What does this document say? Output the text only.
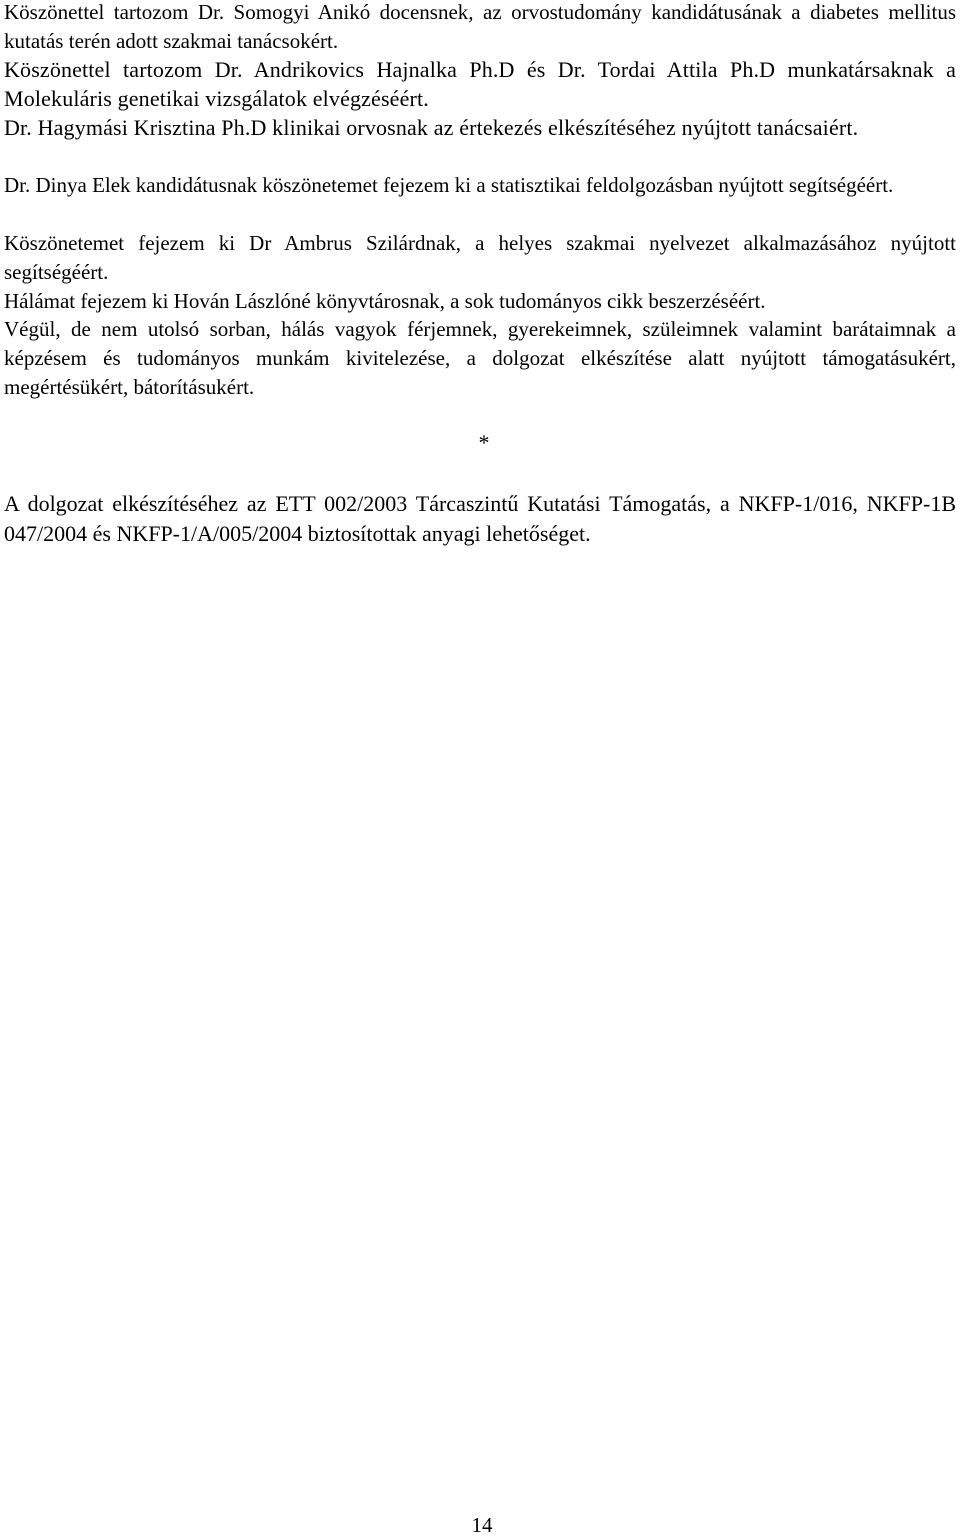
Köszönettel tartozom Dr. Somogyi Anikó docensnek, az orvostudomány kandidátusának a diabetes mellitus kutatás terén adott szakmai tanácsokért.

Köszönettel tartozom Dr. Andrikovics Hajnalka Ph.D és Dr. Tordai Attila Ph.D munkatársaknak a Molekuláris genetikai vizsgálatok elvégzéséért.

Dr. Hagymási Krisztina Ph.D klinikai orvosnak az értekezés elkészítéséhez nyújtott tanácsaiért.

Dr. Dinya Elek kandidátusnak köszönetemet fejezem ki a statisztikai feldolgozásban nyújtott segítségéért.

Köszönetemet fejezem ki Dr Ambrus Szilárdnak, a helyes szakmai nyelvezet alkalmazásához nyújtott segítségéért.

Hálámat fejezem ki Hován Lászlóné könyvtárosnak, a sok tudományos cikk beszerzéséért.

Végül, de nem utolsó sorban, hálás vagyok férjemnek, gyerekeimnek, szüleimnek valamint barátaimnak a képzésem és tudományos munkám kivitelezése, a dolgozat elkészítése alatt nyújtott támogatásukért, megértésükért, bátorításukért.

*

A dolgozat elkészítéséhez az ETT 002/2003 Tárcaszintű Kutatási Támogatás, a NKFP-1/016, NKFP-1B 047/2004 és NKFP-1/A/005/2004 biztosítottak anyagi lehetőséget.

14
